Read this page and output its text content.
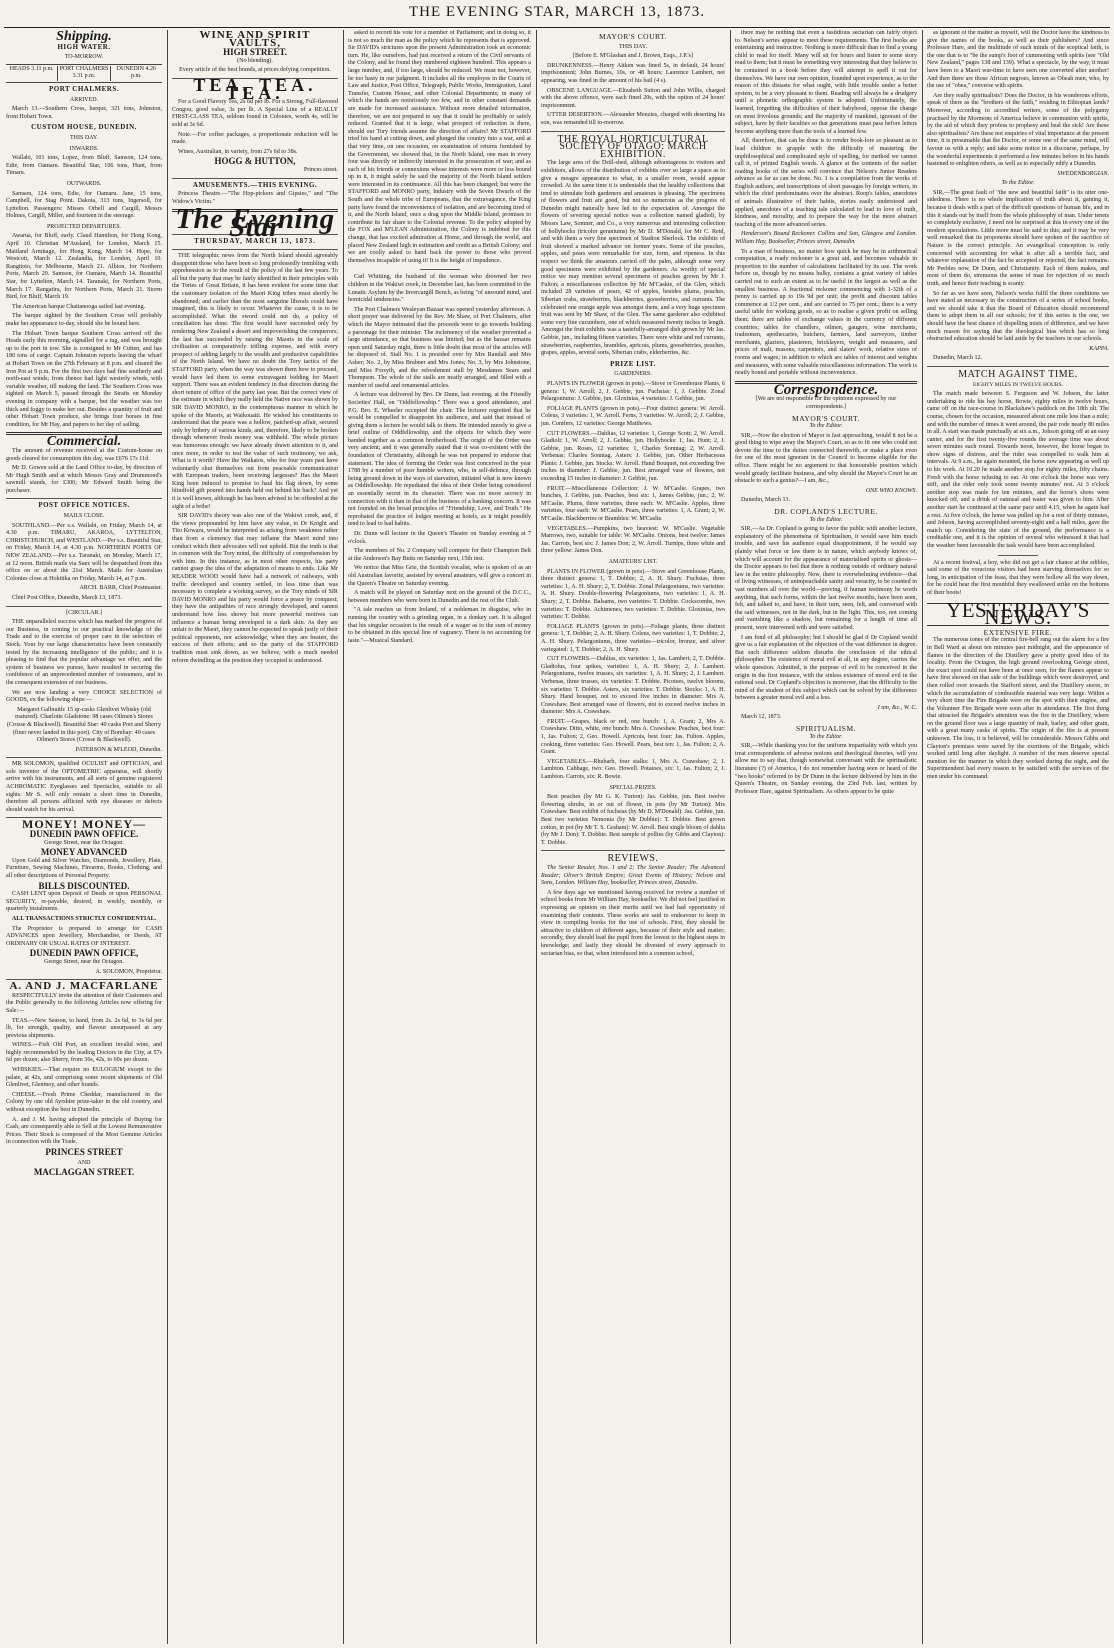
THE EVENING STAR, MARCH 13, 1873.
Shipping.
HIGH WATER.
TO-MORROW.
HEADS 3.11 p.m. PORT CHALMERS 3.31 p.m.
DUNEDIN 4.26 p.m.
PORT CHALMERS.
ARRIVED.

March 13.—Southern Cross, barque, 321 tons, Johnston, from Hobart Town.

CUSTOM HOUSE, DUNEDIN.
THIS DAY.
INWARDS.

Wallabi, 101 tons, Lopez, from Bluff. Samson, 124 tons, Edie, from Oamaru. Beautiful Star, 106 tons, Hunt, from Timaru.

OUTWARDS.

Samson, 124 tons, Edie, for Oamaru. Jane, 15 tons, Campbell, for Stag Point. Dakota, 313 tons, Ingersoll, for Lyttelton. Passengers: Misses Orbell and Cargill, Messrs Holmes, Cargill, Miller, and fourteen in the steerage.

PROJECTED DEPARTURES.

Awarua, for Bluff, early. Claud Hamilton, for Hong Kong, April 10. Christian M'Ausland, for London, March 15. Maitland Armitage, for Hong Kong, March 14. Hope, for Westcott, March 12. Zealandia, for London, April 10. Rangitoto, for Melbourne, March 21. Albion, for Northern Ports, March 20. Samson, for Oamaru, March 14. Beautiful Star, for Lyttelton, March 14. Taranaki, for Northern Ports, March 17. Rangatira, for Northern Ports, March 21. Storm Bird, for Bluff, March 19.

The American barque Chattanooga sailed last evening.

The barque sighted by the Southern Cross will probably make her appearance to-day, should she be bound here.

The Hobart Town barque Southern Cross arrived off the Heads early this morning, signalled for a tug, and was brought up to the port in tow. She is consigned to Mr Cutten, and has 180 tons of cargo. Captain Johnston reports leaving the wharf at Hobart Town on the 27th February at 8 p.m. and cleared the Iron Pot at 9 p.m. For the first two days had fine southerly and north-east winds; from thence had light westerly winds, with variable weather, till making the land. The Southern Cross was sighted on March 5, passed through the Straits on Monday evening in company with a barque, but the weather was too thick and foggy to make her out. Besides a quantity of fruit and other Hobart Town produce, she brings four horses in fine condition, for Mr Hay, and papers to her day of sailing.

Commercial.

The amount of revenue received at the Custom-house on goods cleared for consumption this day, was £676 17s 11d.

Mr D. Gowen sold at the Land Office to-day, by direction of Mr Hugh Smith and at which Messrs Gray and Drummond's sawmill stands, for £300; Mr Edward Smith being the purchaser.

POST OFFICE NOTICES.
MAILS CLOSE.

SOUTHLAND.—Per s.s. Wallabi, on Friday, March 14, at 4.30 p.m. TIMARU, AKAROA, LYTTELTON, CHRISTCHURCH, and WESTLAND.—Per s.s. Beautiful Star, on Friday, March 14, at 4.30 p.m. NORTHERN PORTS OF NEW ZEALAND.—Per s.s. Taranaki, on Monday, March 17, at 12 noon. British mails via Suez will be despatched from this office on or about the 21st March. Mails for Australian Colonies close at Hokitika on Friday, March 14, at 7 p.m.

ARCH. BARR, Chief Postmaster.

Chief Post Office, Dunedin, March 13, 1873.

[CIRCULAR.]

THE unparalleled success which has marked the progress of our Business, in coming to our practical knowledge of the Trade and to the exercise of proper care in the selection of Stock. Your by our large characteristics have been constantly tested by the increasing intelligence of the public; and it is pleasing to find that the popular advantage we offer, and the system of business we pursue, have resulted in securing the confidence of an unprecedented number of consumers, and in the consequent extension of our business.

We are now landing a very CHOICE SELECTION of GOODS, ex the following ships:—

Margaret Galbraith: 15 qr-casks Glenlivet Whisky (old matured). Charlotte Gladstone: 98 cases Oilmen's Stores (Crosse & Blackwell). Beautiful Star: 40 casks Port and Sherry (finer never landed in this port). City of Bombay: 40 cases Oilmen's Stores (Crosse & Blackwell).

PATERSON & M'LEOD, Dunedin.

MR SOLOMON, qualified OCULIST and OPTICIAN, and sole inventor of the OPTOMETRIC apparatus, will shortly arrive with his instruments, and all sorts of genuine registered ACHROMATIC Eyeglasses and Spectacles, suitable to all sights. Mr S. will only remain a short time in Dunedin, therefore all persons afflicted with eye diseases or defects should watch for his arrival.

MONEY! MONEY—
DUNEDIN PAWN OFFICE.

George Street, near the Octagon.

MONEY ADVANCED

Upon Gold and Silver Watches, Diamonds, Jewellery, Plate, Furniture, Sewing Machines, Firearms, Books, Clothing, and all other descriptions of Personal Property.

BILLS DISCOUNTED.

CASH LENT upon Deposit of Deeds or upon PERSONAL SECURITY, re-payable, desired, in weekly, monthly, or quarterly instalments.

ALL TRANSACTIONS STRICTLY CONFIDENTIAL.

The Proprietor is prepared to arrange for CASH ADVANCES upon Jewellery, Merchandise, or Deeds, AT ORDINARY OR USUAL RATES OF INTEREST.

DUNEDIN PAWN OFFICE,

George Street, near the Octagon.

A. SOLOMON, Proprietor.

A. AND J. MACFARLANE

RESPECTFULLY invite the attention of their Customers and the Public generally to the following Articles now offering for Sale:—

TEAS.—New Season, to hand, from 2s. 2s 6d, to 3s 6d per lb, for strength, quality, and flavour unsurpassed at any previous shipments.

WINES.—Fish Old Port, an excellent invalid wine, and highly recommended by the leading Doctors in the City, at 57s 6d per dozen; also Sherry, from 36s, 42s, to 60s per dozen.

WHISKIES.—That require no EULOGIUM except to the palate, at 42s, and comprising some recent shipments of Old Glenlivet, Glenmoy, and other brands.

CHEESE.—Fresh Prime Cheddar, manufactured in the Colony by one old Ayrshire prize-taker in the old country, and without exception the best in Dunedin.

A. and J. M. having adopted the principle of Buying for Cash, are consequently able to Sell at the Lowest Remunerative Prices. Their Stock is composed of the Most Genuine Articles in connection with the Trade.

PRINCES STREET
AND
MACLAGGAN STREET.
WINE AND SPIRIT VAULTS,
HIGH STREET.

(No blending).

Every article of the best brands, at prices defying competition.

TEA. TEA. TEA.

For a Good Flavory Tea, 2s 6d per lb. For a Strong, Full-flavored Congou, good value, 3s per lb. A Special Line of a REALLY FIRST-CLASS TEA, seldom found in Colonies, worth 4s, will be sold at 3s 6d.

Note.—For coffee packages, a proportionate reduction will be made.

Wines, Australian, in variety, from 27s 6d to 38s.

HOGG & HUTTON,

Princes street.

AMUSEMENTS.—THIS EVENING.

Princess Theatre.—"The Hop-pickers and Gipsies," and "The Widow's Victim."

The Evening Star
THURSDAY, MARCH 13, 1873.

THE telegraphic news from the North Island should agreeably disappoint those who have been so long professedly trembling with apprehension as to the result of the policy of the last few years. To all but the party that may be fairly identified in their principles with the Tories of Great Britain, it has been evident for some time that the customary isolation of the Maori King tribes must shortly be abandoned; and earlier than the most sanguine liberals could have imagined, this is likely to occur. Whatever the cause, it is to be accomplished. What the sword could not do, a policy of conciliation has done. The first would have succeeded only by rendering New Zealand a desert and impoverishing the conquerors; the last has succeeded by raising the Maoris in the scale of civilisation at comparatively trifling expense, and with every prospect of adding largely to the wealth and productive capabilities of the North Island. We have no doubt the Tory tactics of the STAFFORD party, when the way was shown them how to proceed, would have led them to some extravagant bidding for Maori support. There was an evident tendency in that direction during the short tenure of office of the party last year. But the correct view of the estimate in which they really held the Native race was shown by SIR DAVID MONRO, in the contemptuous manner in which he spoke of the Maoris, at Waikouaiti. He wished his constituents to understand that the peace was a hollow, patched-up affair, secured only by bribery of various kinds, and, therefore, likely to be broken through whenever fresh money was withheld. The whole picture was humorous enough: we have already drawn attention to it, and once more, in order to test the value of such testimony, we ask, What is it worth? Have the Waikatos, who for four years past have voluntarily shut themselves out from peaceable communication with European traders, been receiving largesses? Has the Maori King been induced to promise to haul his flag down, by some blindfold gift poured into hands held out behind his back? And yet it is well known, although he has been advised to be offended at the sight of a bribe!

SIR DAVID's theory was also one of the Wakiwi creek, and, if the views propounded by him have any value, to Dr Knight and Tito Kowaru, would be interpreted as arising from weakness rather than from a clemency that may inflame the Maori mind into conduct which their advocates will not uphold. But the truth is that in common with the Tory mind, the difficulty of comprehension by with him. In this instance, as in most other respects, his party cannot grasp the idea of the adaptation of means to ends. Like Mr READER WOOD would have had a network of railways, with traffic developed and country settled, in less time than was necessary to complete a working survey, so the Tory minds of SIR DAVID MONRO and his party would force a peace by conquest; they have the antipathies of race strongly developed, and cannot understand how less showy but more powerful motives can influence a human being enveloped in a dark skin. As they are unfair to the Maori, they cannot be expected to speak justly of their political opponents, nor acknowledge, when they are beaten, the success of their efforts; and so the party of the STAFFORD tradition must sink down, as we believe, with a much needed reform dwindling as the position they occupied is understood.

asked to record his vote for a member of Parliament; and in doing so, it is not so much the man as the policy which he represents that is approved. Sir DAVID's strictures upon the present Administration took an economic turn. He, like ourselves, had just received a return of the Civil servants of the Colony, and he found they numbered eighteen hundred. This appears a large number, and, if too large, should be reduced. We must not, however, be too hasty in our judgment. It includes all the employes in the Courts of Law and Justice, Post Office, Telegraph, Public Works, Immigration, Land Transfer, Custom House, and other Colonial Departments; in many of which the hands are notoriously too few, and in other constant demands are made for increased assistance. Without more detailed information, therefore, we are not prepared to say that it could be profitably or safely reduced. Granted that it is large, what prospect of reduction is there, should our Tory friends assume the direction of affairs? Mr STAFFORD tried his hand at cutting down, and plunged the country into a war, and at that very time, on one occasion, on examination of returns furnished by the Government, we showed that, in the North Island, one man in every four was directly or indirectly interested in the prosecution of war; and as each of his friends or connexions whose interests were more or less bound up in it, it might safely be said the majority of the North Island settlers were interested in its continuance. All this has been changed; but were the STAFFORD and MONRO party, Industry with the Seven Dwarfs of the South and the whole tribe of Europeans, that the extravagance, the King party have found the inconvenience of isolation, and are becoming tired of it, and the North Island, once a drag upon the Middle Island, promises to contribute its fair share to the Colonial revenue. To the policy adopted by the FOX and M'LEAN Administration, the Colony is indebted for this change, that has excited admiration at Home, and through the world, and placed New Zealand high in estimation and credit as a British Colony; and we are coolly asked to hand back the power to those who proved themselves incapable of using it! It is the height of impudence.

Carl Whitting, the husband of the woman who drowned her two children in the Wakiwi creek, in December last, has been committed to the Lunatic Asylum by the Invercargill Bench, as being "of unsound mind, and homicidal tendencies."

The Port Chalmers Wesleyan Bazaar was opened yesterday afternoon. A short prayer was delivered by the Rev. Mr Shaw, of Port Chalmers, after which the Mayor intimated that the proceeds were to go towards building a parsonage for their minister. The inclemency of the weather prevented a large attendance, so that business was limited; but as the bazaar remains open until Saturday night, there is little doubt that most of the articles will be disposed of. Stall No. 1 is presided over by Mrs Randall and Mrs Asher; No. 2, by Miss Brabner and Mrs Jones; No. 3, by Mrs Johnstone, and Miss Forsyth, and the refreshment stall by Mesdames Sears and Thompson. The whole of the stalls are neatly arranged, and filled with a number of useful and ornamental articles.

A lecture was delivered by Bro. Dr Dunn, last evening, at the Friendly Societies' Hall, on "Oddfellowship." There was a good attendance, and P.G. Bro. E. Wheeler occupied the chair. The lecturer regretted that he would be compelled to disappoint his audience, and said that instead of giving them a lecture he would talk to them. He intended merely to give a brief outline of Oddfellowship, and the objects for which they were banded together as a common brotherhood. The origin of the Order was very ancient; and it was generally stated that it was co-existent with the foundation of Christianity, although he was not prepared to endorse that statement. The idea of forming the Order was first conceived in the year 1788 by a number of poor humble writers, who, in self-defence, through being ground down in the ways of starvation, initiated what is now known as Oddfellowship. He repudiated the idea of their Order being considered an essentially secret in its character. There was no more secrecy in connection with it than in that of the business of a banking concern. It was not founded on the broad principles of "Friendship, Love, and Truth." He reprobated the practice of lodges meeting at hotels, as it might possibly tend to lead to bad habits.

Dr. Dunn will lecture in the Queen's Theatre on Sunday evening at 7 o'clock.

The members of No. 2 Company will compete for their Champion Belt at the Anderson's Bay Butts on Saturday next, 15th inst.

We notice that Miss Grie, the Scottish vocalist, who is spoken of as an old Australian favorite, assisted by several amateurs, will give a concert in the Queen's Theatre on Saturday evening.

A match will be played on Saturday next on the ground of the D.C.C., between members who were born in Dunedin and the rest of the Club.

"A tale reaches us from Ireland, of a nobleman in disguise, who in running the country with a grinding organ, in a donkey cart. It is alleged that his singular occasion is the result of a wager as to the sum of money to be obtained in this special line of vagrancy. There is no accounting for taste."—Musical Standard.

MAYOR'S COURT.
THIS DAY.

[Before E. M'Glashan and J. Brown, Esqs., J.P.'s]

DRUNKENNESS.—Henry Aitken was fined 5s, in default, 24 hours' imprisonment; John Burnes, 10s, or 48 hours; Laurence Lambert, not appearing, was fined in the amount of his bail (4 s).

OBSCENE LANGUAGE.—Elizabeth Sutton and John Willis, charged with the above offence, were each fined 20s, with the option of 24 hours' imprisonment.

UTTER DESERTION.—Alexander Menzies, charged with deserting his son, was remanded till to-morrow.

THE ROYAL HORTICULTURAL SOCIETY OF OTAGO: MARCH EXHIBITION.

The large area of the Drill-shed, although advantageous to visitors and exhibitors, allows of the distribution of exhibits over so large a space as to give a meagre appearance to what, in a smaller room, would appear crowded. At the same time it is undeniable that the healthy collections that tend to stimulate both gardeners and amateurs is pleasing. The specimens of flowers and fruit are good, but not so numerous as the progress of Dunedin might naturally have led to the expectation of. Amongst the flowers of severing special notice was a collection named gladioli, by Messrs Law, Somner, and Co., a very numerous and interesting collection of hollyhocks (tricolor geraniums) by Mr D. M'Donald, for Mr C. Reid, and with them a very fine specimen of Stadion Sherlock. The exhibits of fruit showed a marked advance on former years. Some of the peaches, apples, and pears were remarkable for size, form, and ripeness. In this respect we think the amateurs carried off the palm, although some very good specimens were exhibited by the gardeners. As worthy of special notice we may mention several specimens of peaches grown by Mr J. Fulton; a miscellaneous collection by Mr M'Caskie, of the Glen, which included 28 varieties of pears, 42 of apples, besides plums, peaches, Siberian crabs, strawberries, blackberries, gooseberries, and currants. The celebrated one orange apple was amongst them, and a very huge specimen fruit was sent by Mr Shaw, of the Glen. The same gardener also exhibited some very fine cucumbers, one of which measured twenty inches in length. Amongst the fruit exhibits was a tastefully-arranged dish grown by Mr Jas. Gebbie, jun., including fifteen varieties. There were white and red currants, strawberries, raspberries, brambles, apricots, plums, gooseberries, peaches, grapes, apples, several sorts, Siberian crabs, elderberries, &c.

PRIZE LIST.
GARDENERS.

PLANTS IN FLOWER (grown in pots).—Stove or Greenhouse Plants, 6 genera: 1, W. Arroll; 2, J. Gebbie, jun. Fuchsias: 1, J. Gebbie. Zonal Pelargoniums: J. Gebbie, jun. Gloxinias, 4 varieties: J. Gebbie, jun.

FOLIAGE PLANTS (grown in pots).—Four distinct genera: W. Arroll. Coleus, 3 varieties: 1, W. Arroll. Ferns, 3 varieties: W. Arroll; 2, J. Gebbie, jun. Conifers, 12 varieties: George Matthews.

CUT FLOWERS.—Dahlias, 12 varieties: 1, George Scott; 2, W. Arroll. Gladioli: 1, W. Arroll; 2, J. Gebbie, jun. Hollyhocks: 1, Jas. Hunt; 2, J. Gebbie, jun. Roses, 12 varieties: 1, Charles Sonntag; 2, W. Arroll. Verbenas: Charles Sonntag. Asters: J. Gebbie, jun. Other Herbaceous Plants: J. Gebbie, jun. Stocks: W. Arroll. Hand Bouquet, not exceeding five inches in diameter: J. Gebbie, jun. Best arranged vase of flowers, not exceeding 15 inches in diameter: J. Gebbie, jun.

FRUIT.—Miscellaneous Collection: J. W. M'Caslie. Grapes, two bunches, J. Gebbie, jun. Peaches, best six: 1, James Gebbie, jun.; 2, W. M'Caslie. Plums, three varieties, three each: W. M'Caslie. Apples, three varieties, four each: W. M'Caslie. Pears, three varieties: 1, A. Grant; 2, W. M'Caslie. Blackberries or Brambles: W. M'Caslie.

VEGETABLES.—Pumpkins, two heaviest: W. M'Caslie. Vegetable Marrows, two, suitable for table: W. M'Caslie. Onions, best twelve: James Jas. Carrots, best six: J. James Don; 2, W. Arroll. Turnips, three white and three yellow: James Don.

AMATEURS' LIST.

PLANTS IN FLOWER (grown in pots).—Stove and Greenhouse Plants, three distinct genera: 1, T. Dobbie; 2, A. H. Shury. Fuchsias, three varieties: 1, A. H. Shury; 2, T. Dobbie. Zonal Pelargoniums, two varieties: A. H. Shury. Double-flowering Pelargoniums, two varieties: 1, A. H. Shury; 2, T. Dobbie. Balsams, two varieties: T. Dobbie. Cockscombs, two varieties: T. Dobbie. Achimenes, two varieties: T. Dobbie. Gloxinias, two varieties: T. Dobbie.

FOLIAGE PLANTS (grown in pots).—Foliage plants, three distinct genera: 1, T. Dobbie; 2, A. H. Shury. Coleus, two varieties: 1, T. Dobbie; 2, A. H. Shury. Pelargoniums, three varieties—tricolor, bronze, and silver variegated: 1, T. Dobbie; 2, A. H. Shury.

CUT FLOWERS.—Dahlias, six varieties: 1, Jas. Lambert; 2, T. Dobbie. Gladiolus, four spikes, varieties: 1, A. H. Shury; 2, J. Lambert. Pelargoniums, twelve trusses, six varieties: 1, A. H. Shury; 2, J. Lambert. Verbenas, three trusses, six varieties: T. Dobbie. Picotees, twelve blooms, six varieties: T. Dobbie. Asters, six varieties: T. Dobbie. Stocks: 1, A. H. Shury. Hand bouquet, not to exceed five inches in diameter: Mrs A. Crawshaw. Best arranged vase of flowers, not to exceed twelve inches in diameter: Mrs A. Crawshaw.

FRUIT.—Grapes, black or red, one bunch: 1, A. Grant; 2, Mrs A. Crawshaw. Ditto, white, one bunch: Mrs A. Crawshaw. Peaches, best four: 1, Jas. Fulton; 2, Geo. Howell. Apricots, best four: Jas. Fulton. Apples, cooking, three varieties: Geo. Howell. Pears, best ten: 1, Jas. Fulton; 2, A. Grant.

VEGETABLES.—Rhubarb, four stalks: 1, Mrs A. Crawshaw; 2, J. Lambton. Cabbage, two: Geo. Howell. Potatoes, six: 1, Jas. Fulton; 2, J. Lambton. Carrots, six: R. Bowie.

SPECIAL PRIZES.

Best peaches (by Mr G. K. Turton): Jas. Gebbie, jun. Best twelve flowering shrubs, in or out of flower, in pots (by Mr Turton): Mrs Crawshaw. Best exhibit of fuchsias (by Mr D. M'Donald): Jas. Gebbie, jun. Best two varieties Nemonia (by Mr Dobbie): T. Dobbie. Best grown cotton, in pot (by Mr T. S. Graham): W. Arroll. Best single bloom of dahlia (by Mr J. Don): T. Dobbie. Best sample of pollies (by Gibbs and Clayton): T. Dobbie.

REVIEWS.

The Senior Reader, Nos. 1 and 2; The Senior Reader; The Advanced Reader; Oliver's British Empire; Great Events of History; Nelson and Sons, London. William Hay, bookseller, Princes street, Dunedin.

A few days ago we mentioned having received for review a number of school books from Mr William Hay, bookseller. We did not feel justified in expressing an opinion on their merits until we had had opportunity of examining their contents. These works are said to endeavour to keep in view in compiling books for the use of schools. First, they should be attractive to children of different ages, because of their style and matter; secondly, they should lead the pupil from the lowest to the highest steps in knowledge; and lastly they should be divested of every approach to sectarian bias, so that, when introduced into a common school,

there may be nothing that even a fastidious sectarian can fairly object to. Nelson's series appear to meet these requirements. The first books are entertaining and instructive. Nothing is more difficult than to find a young child to read for itself. Many will sit for hours and listen to some story read to them; but it must be something very interesting that they believe to be contained in a book before they will attempt to spell it out for themselves. We have our own opinion, founded upon experience, as to the reason of this distaste for what ought, with little trouble under a better system, to be a very pleasant to them. Reading will always be a drudgery until a phonetic orthographic system is adopted. Unfortunately, the learned, forgetting the difficulties of their babyhood, oppose the change on most frivolous grounds; and the majority of mankind, ignorant of the subject, have by their faculties so that generations must pass before letters become anything more than the tools of a learned few.

All, therefore, that can be done is to render book-lore so pleasant as to lead children to grapple with the difficulty of mastering the unphilosophical and complicated style of spelling, for method we cannot call it, of printed English words. A glance at the contents of the earlier reading books of the series will convince that Nelson's Junior Readers advance as far as can be done. No. 1 is a compilation from the works of English authors, and transcriptions of short passages by foreign writers, in which the chief predominates over the abstract. Roop's fables, anecdotes of animals illustrative of their habits, stories easily understood and applied, anecdotes of a teaching tale calculated to lead to love of truth, kindness, and morality, and to prepare the way for the more abstract teaching of the more advanced series.

Henderson's Bound Reckoner. Collins and Son, Glasgow and London. William Hay, Bookseller, Princes street, Dunedin.

To a man of business, no matter how quick he may be in arithmetical computation, a ready reckoner is a great aid, and becomes valuable in proportion to the number of calculations facilitated by its use. The work before us, though by no means bulky, contains a great variety of tables carried out to such an extent as to be useful in the largest as well as the smallest business. A fractional reckoner commencing with 1-32th of a penny is carried up to 19s 9d per unit; the profit and discount tables commence at 1/2 per cent., and are carried to 75 per cent.; there is a very useful table for working goods, so as to realise a given profit on selling them; there are tables of exchange values in the currency of different countries; tables for chandlers, oilmen, gaugers, wine merchants, tradesmen, apothecaries, butchers, farmers, land surveyors, timber merchants, glaziers, plasterers, bricklayers, weight and measures, and prices of malt, masons, carpenters, and slaters' work, relative sizes of rooms and wages; in addition to which are tables of interest and weights and measures, with some valuable miscellaneous information. The work is neatly bound and portable without inconvenience.

Correspondence.

[We are not responsible for the opinions expressed by our correspondents.]

MAYOR'S COURT.

To the Editor.

SIR,—Now the election of Mayor is fast approaching, would it not be a good thing to wipe away the Mayor's Court, so as to fit one who could not devote the time to the duties connected therewith, or make a place even for one of the most ignorant in the Council to become eligible for the office. There might be no argument to that honourable position which would greatly facilitate business, and why should the Mayor's Court be an obstacle to such a genius?—I am, &c.,

ONE WHO KNOWS.

Dunedin, March 13.

DR. COPLAND'S LECTURE.

To the Editor.

SIR,—As Dr. Copland is going to favor the public with another lecture, explanatory of the phenomena of Spiritualism, it would save him much trouble, and save his audience equal disappointment, if he would say plainly what force or law there is in nature, which anybody knows of, which will account for the appearance of materialised spirits or ghosts—the Doctor appears to feel that there is nothing outside of ordinary natural law in the entire philosophy. Now, there is overwhelming evidence—that of living witnesses, of unimpeachable sanity and veracity, to be counted in vast numbers all over the world—proving, if human testimony be worth anything, that such forms, within the last twelve months, have been seen, felt, and talked to, and have, in their turn, seen, felt, and conversed with the said witnesses, not in the dark, but in the light. This, too, not coming and vanishing like a shadow, but remaining for a length of time all present, were intervened with and were satisfied.

I am fond of all philosophy; but I should be glad if Dr Copland would give us a fair explanation of the objection of the vast difference in degree. But such difference seldom disturbs the conclusion of the ethical philosopher. The existence of moral evil at all, in any degree, carries the whole question. Admitted, is the purpose of evil to be conceived in the origin in the first instance, with the sinless existence of moral evil in the rational soul. Dr Copland's objection is moreover, that the difficulty to the mind of the student of this subject which can be solved by the difference between a greater moral evil and a less.

I am, &c., W. C.

March 12, 1873.

SPIRITUALISM.

To the Editor.

SIR,—While thanking you for the uniform impartiality with which you treat correspondents of adverse notions and theological theories, will you allow me to say that, though somewhat conversant with the spiritualistic literature (?) of America, I do not remember having seen or heard of the "two books" referred to by Dr Dunn in the lecture delivered by him in the Queen's Theatre, on Sunday evening, the 23rd Feb. last, written by Professor Hare, against Spiritualism. As others appear to be quite

as ignorant of the matter as myself, will the Doctor have the kindness to give the names of the books, as well as their publishers? And since Professor Hare, and the multitude of such minds of the sceptical faith, is the one that is to "be the sump's foot of cummoning with spirits (see "Old New Zealand," pages 138 and 139). What a spectacle, by the way, it must have been to a Maori war-time to have seen one converted after another! And then there are those African negroes, known as Obeah men, who, by the use of "obea," converse with spirits.

Are they really spiritualists? Does the Doctor, in his wonderous efforts, speak of there as the "brothers of the faith," residing in Ethiopian lands? Moreover, according to accredited writers, some of the polygamy practised by the Mormons of America believe in communion with spirits, by the aid of which they profess to prophesy and heal the sick! Are these also spiritualists? Are these not enquiries of vital importance at the present time, it is presumable that the Doctor, or some one of the same mind, will favour us with a reply; and take some notice in a discourse, perhaps, by the wonderful experiments it performed a few minutes before in his hands hastened to enlighten others, as well as to especially edify a Dunedin.

SWEDENBORGIAN.

To the Editor.

SIR,—The great fault of "the new and beautiful faith" is its utter one-sidedness. There is no whole implication of truth about it, gaining it, because it deals with a part of the difficult questions of human life, and in this it stands out by itself from the whole philosophy of man. Under tenets so completely exclusive, I need not be surprised at this in every one of the modern speculations. Little more must be said to this; and it may be very well remarked that its proponents should have spoken of the sacrifice of Nature is the correct principle. An evangelical conception is only concerned with accounting for what is after all a terrible fact, and whatever explanation of the fact be accepted or rejected, the fact remains. Mr Peebles now, Dr Dunn, and Christianity. Each of them makes, and most of them do, strenuous the sense of man for rejection of so much truth, and hence their teaching is scanty.

So far as we have seen, Nelson's works fulfil the three conditions we have stated as necessary in the construction of a series of school books, and we should take it that the Board of Education should recommend them to adopt them in all our schools; for if this series is the one, we should have the best chance of dispelling mists of difference, and we have much reason for saying that the theological bias which has so long obstructed education should be laid aside by the teachers in our schools.

KAPPA.

Dunedin, March 12.

MATCH AGAINST TIME.
EIGHTY MILES IN TWELVE HOURS.

The match made between S. Ferguson and W. Johson, the latter undertaking to ride his bay horse, Bowie, eighty miles in twelve hours, came off on the race-course in Blackshaw's paddock on the 18th ult. The course, chosen for the occasion, measured about one mile less than a mile; and with the number of times it went around, the pair rode nearly 80 miles in all. A start was made punctually at six a.m., Johson going off at an easy canter, and for the first twenty-five rounds the average time was about seven minutes each round. Towards noon, however, the horse began to show signs of distress, and the rider was compelled to walk him at intervals. At 9 a.m., he again mounted, the horse now appearing as well up to his work. At 10.20 he made another stop for eighty miles, fifty chains. Fresh with the horse refusing to eat. At one o'clock the horse was very stiff, and the rider only took some twenty minutes' rest. At 3 o'clock another stop was made for ten minutes, and the horse's shoes were knocked off, and a drink of oatmeal and water was given to him. After another start he continued at the same pace until 4.15, when he again had a rest. At five o'clock, the horse was pulled up for a rest of thirty minutes, and Johson, having accomplished seventy-eight and a half miles, gave the match up. Considering the state of the ground, the performance is a creditable one, and it is the opinion of several who witnessed it that had the weather been favourable the task would have been accomplished.

At a recent festival, a boy, who did not get a fair chance at the edibles, said some of the voracious visitors had been starving themselves for so long, in anticipation of the feast, that they were hollow all the way down, for he could hear the first mouthful they swallowed strike on the bottoms of their boots!

YESTERDAY'S NEWS.
EXTENSIVE FIRE.

The numerous tones of the central fire-bell rang out the alarm for a fire in Bell Ward at about ten minutes past midnight, and the appearance of flames in the direction of the Distillery gave a pretty good idea of its locality. From the Octagon, the high ground overlooking George street, the exact spot could not have been at once seen, for the flames appear to have first showed on that side of the buildings which were destroyed, and then rolled over towards the Stafford street, and the Distillery stores, in which the accumulation of combustible material was very large. Within a very short time the Fire Brigade were on the spot with their engine, and the Volunteer Fire Brigade were soon after in attendance. The first thing that attracted the Brigade's attention was the fire in the Distillery, where on the ground floor was a large quantity of malt, barley, and other grain, with a great many casks of spirits. The origin of the fire is at present unknown. The loss, it is believed, will be considerable. Messrs Gibbs and Clayton's premises were saved by the exertions of the Brigade, which worked until long after daylight. A number of the men deserve special mention for the manner in which they worked during the night, and the Superintendent had every reason to be satisfied with the services of the men under his command.
